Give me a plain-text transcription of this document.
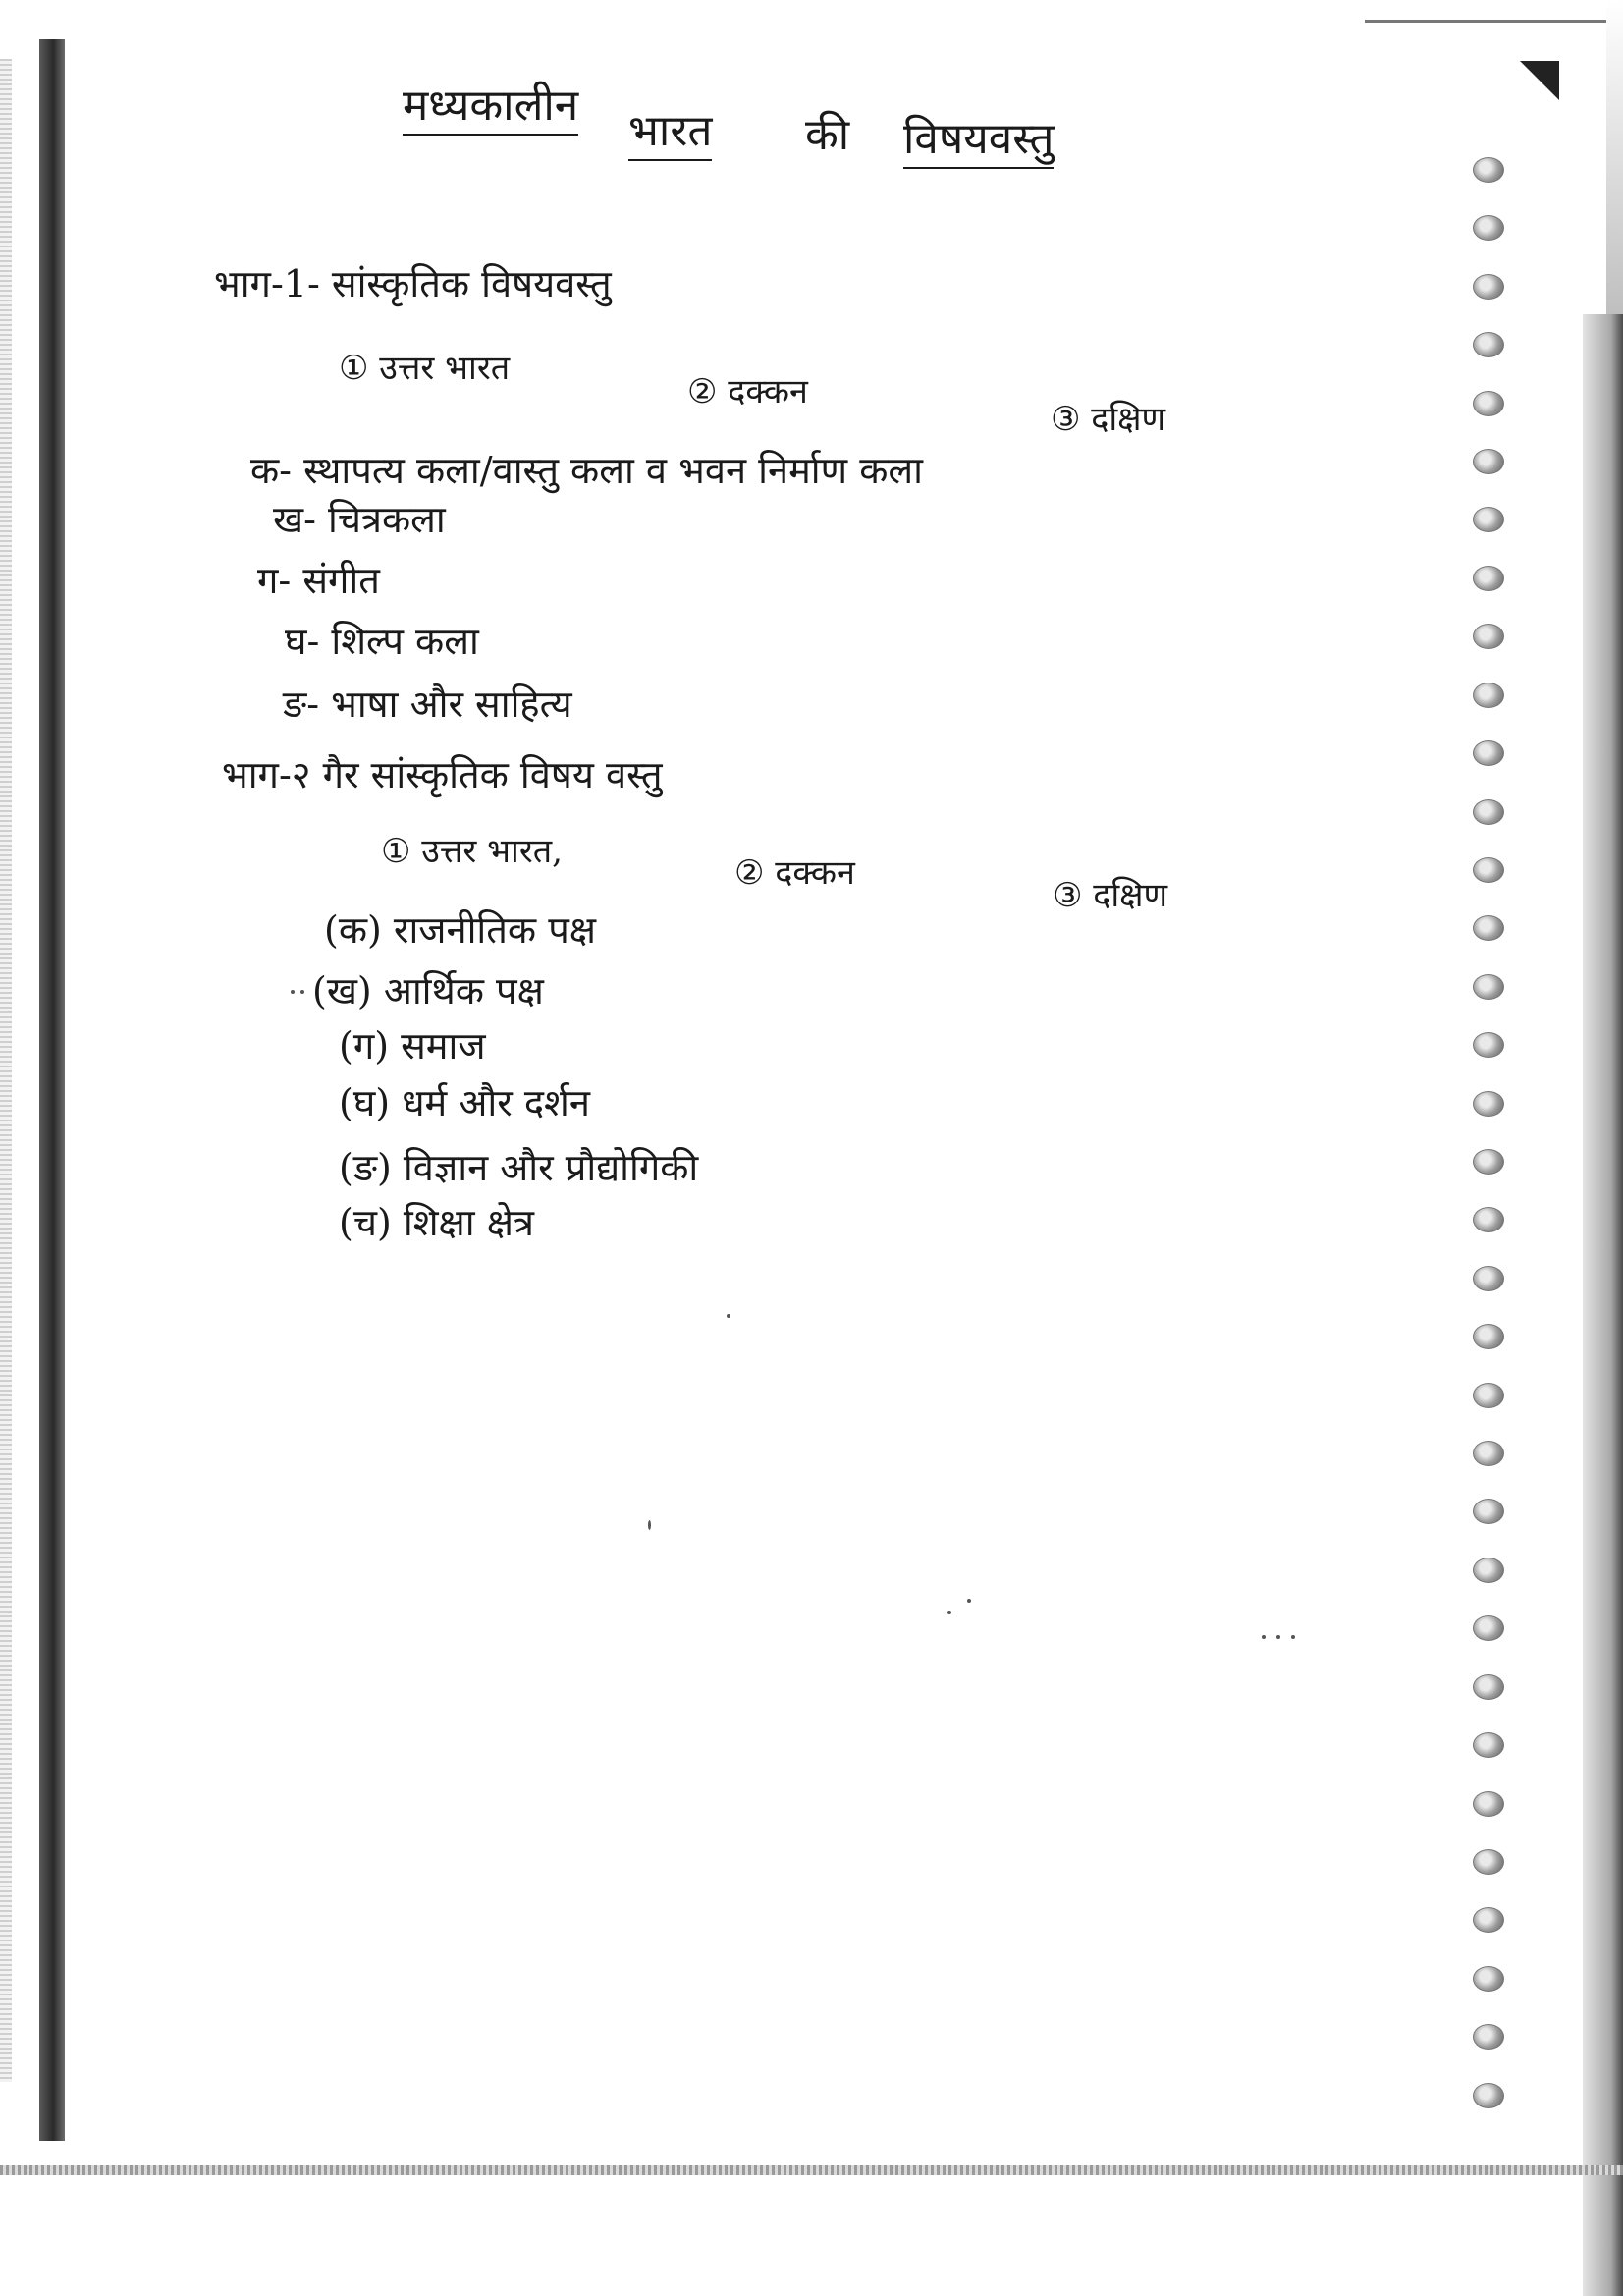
मध्यकालीन
भारत की विषयवस्तु
भाग-1- सांस्कृतिक विषयवस्तु
① उत्तर भारत
② दक्कन
③ दक्षिण
क- स्थापत्य कला/वास्तु कला व भवन निर्माण कला
ख- चित्रकला
ग- संगीत
घ- शिल्प कला
ङ- भाषा और साहित्य
भाग-२ गैर सांस्कृतिक विषय वस्तु
① उत्तर भारत,
② दक्कन
③ दक्षिण
(क) राजनीतिक पक्ष
(ख) आर्थिक पक्ष
(ग) समाज
(घ) धर्म और दर्शन
(ङ) विज्ञान और प्रौद्योगिकी
(च) शिक्षा क्षेत्र
